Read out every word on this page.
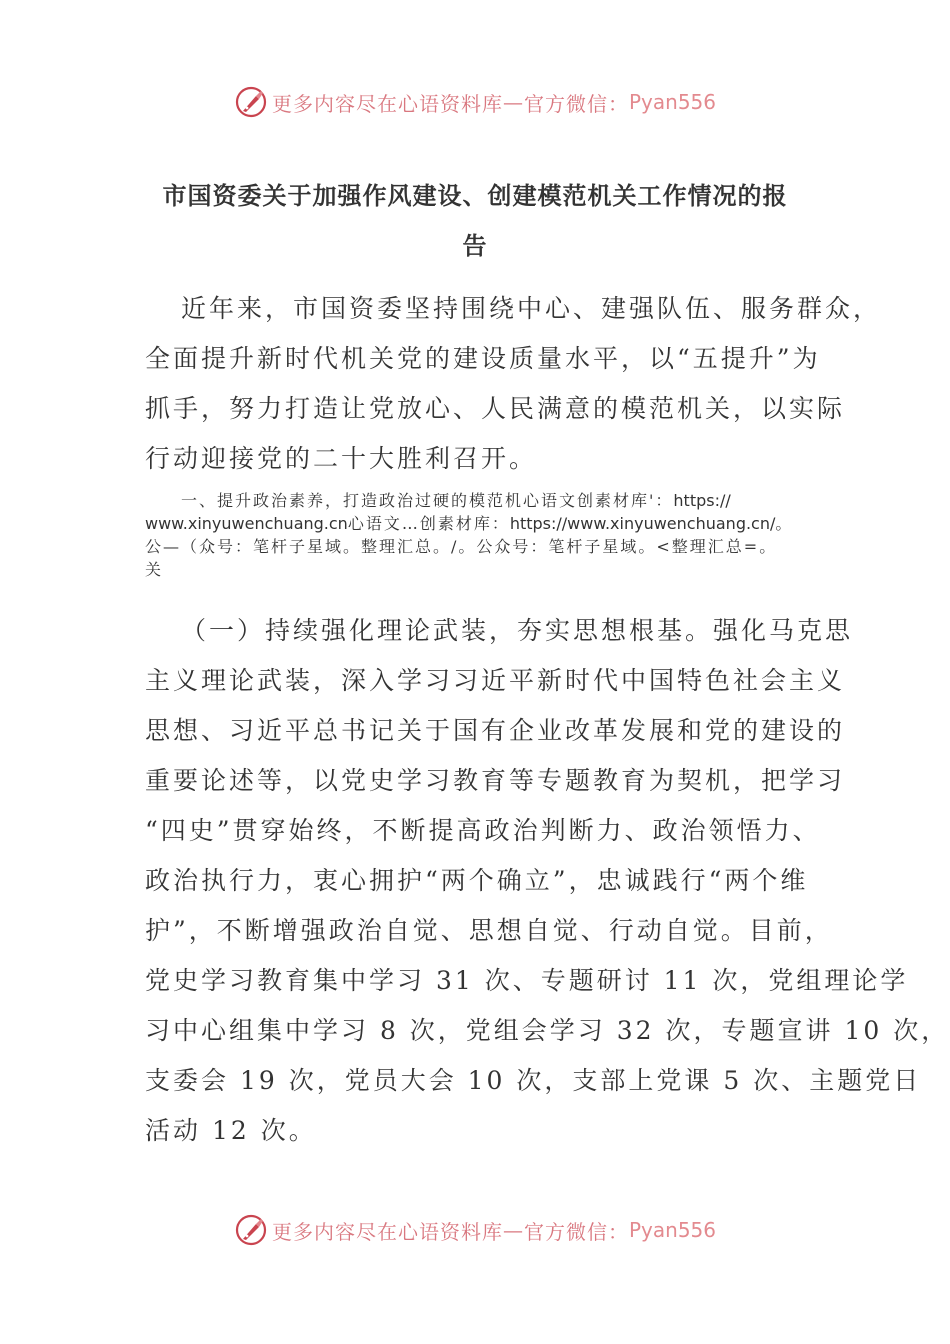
更多内容尽在心语资料库 — 官方微信： Pyan556
市国资委关于加强作风建设、创建模范机关工作情况的报
告
近年来，市国资委坚持围绕中心、建强队伍、服务群众，
全面提升新时代机关党的建设质量水平，以“五提升”为
抓手，努力打造让党放心、人民满意的模范机关，以实际
行动迎接党的二十大胜利召开。
一、提升政治素养，打造政治过硬的模范机心语文创素材库'：https://
www.xinyuwenchuang.cn心语文…创素材库：https://www.xinyuwenchuang.cn/。
公—（众号：笔杆子星域。整理汇总。/。公众号：笔杆子星域。<整理汇总=。
关
（一）持续强化理论武装，夯实思想根基。强化马克思
主义理论武装，深入学习习近平新时代中国特色社会主义
思想、习近平总书记关于国有企业改革发展和党的建设的
重要论述等，以党史学习教育等专题教育为契机，把学习
“四史”贯穿始终，不断提高政治判断力、政治领悟力、
政治执行力，衷心拥护“两个确立”，忠诚践行“两个维
护”，不断增强政治自觉、思想自觉、行动自觉。目前，
党史学习教育集中学习 31 次、专题研讨 11 次，党组理论学
习中心组集中学习 8 次，党组会学习 32 次，专题宣讲 10 次，
支委会 19 次，党员大会 10 次，支部上党课 5 次、主题党日
活动 12 次。
更多内容尽在心语资料库 — 官方微信： Pyan556
